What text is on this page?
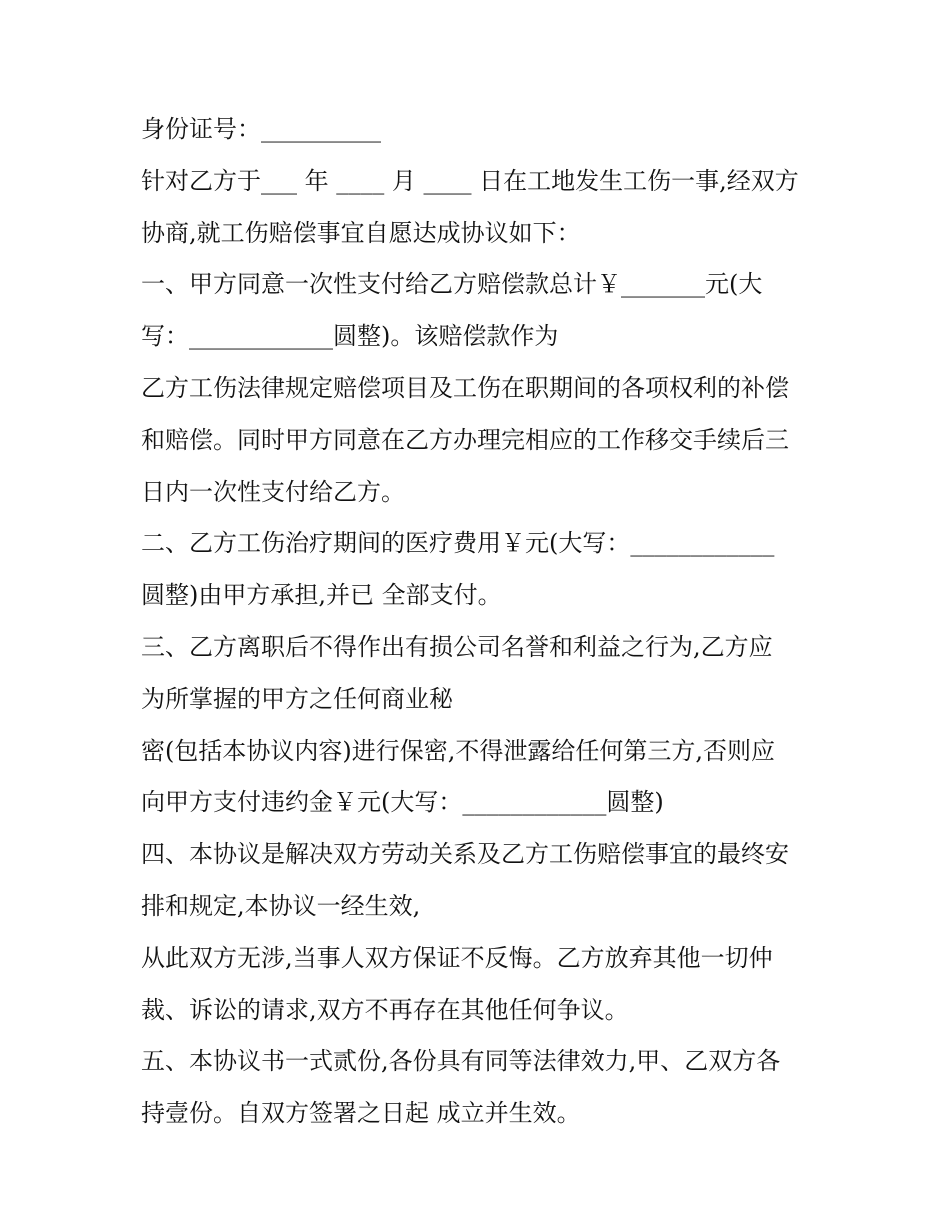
身份证号：__________
针对乙方于___ 年 ____ 月 ____ 日在工地发生工伤一事,经双方
协商,就工伤赔偿事宜自愿达成协议如下：
一、甲方同意一次性支付给乙方赔偿款总计￥_______元(大
写：____________圆整)。该赔偿款作为
乙方工伤法律规定赔偿项目及工伤在职期间的各项权利的补偿
和赔偿。同时甲方同意在乙方办理完相应的工作移交手续后三
日内一次性支付给乙方。
二、乙方工伤治疗期间的医疗费用￥元(大写：____________
圆整)由甲方承担,并已 全部支付。
三、乙方离职后不得作出有损公司名誉和利益之行为,乙方应
为所掌握的甲方之任何商业秘
密(包括本协议内容)进行保密,不得泄露给任何第三方,否则应
向甲方支付违约金￥元(大写：____________圆整)
四、本协议是解决双方劳动关系及乙方工伤赔偿事宜的最终安
排和规定,本协议一经生效,
从此双方无涉,当事人双方保证不反悔。乙方放弃其他一切仲
裁、诉讼的请求,双方不再存在其他任何争议。
五、本协议书一式贰份,各份具有同等法律效力,甲、乙双方各
持壹份。自双方签署之日起 成立并生效。
